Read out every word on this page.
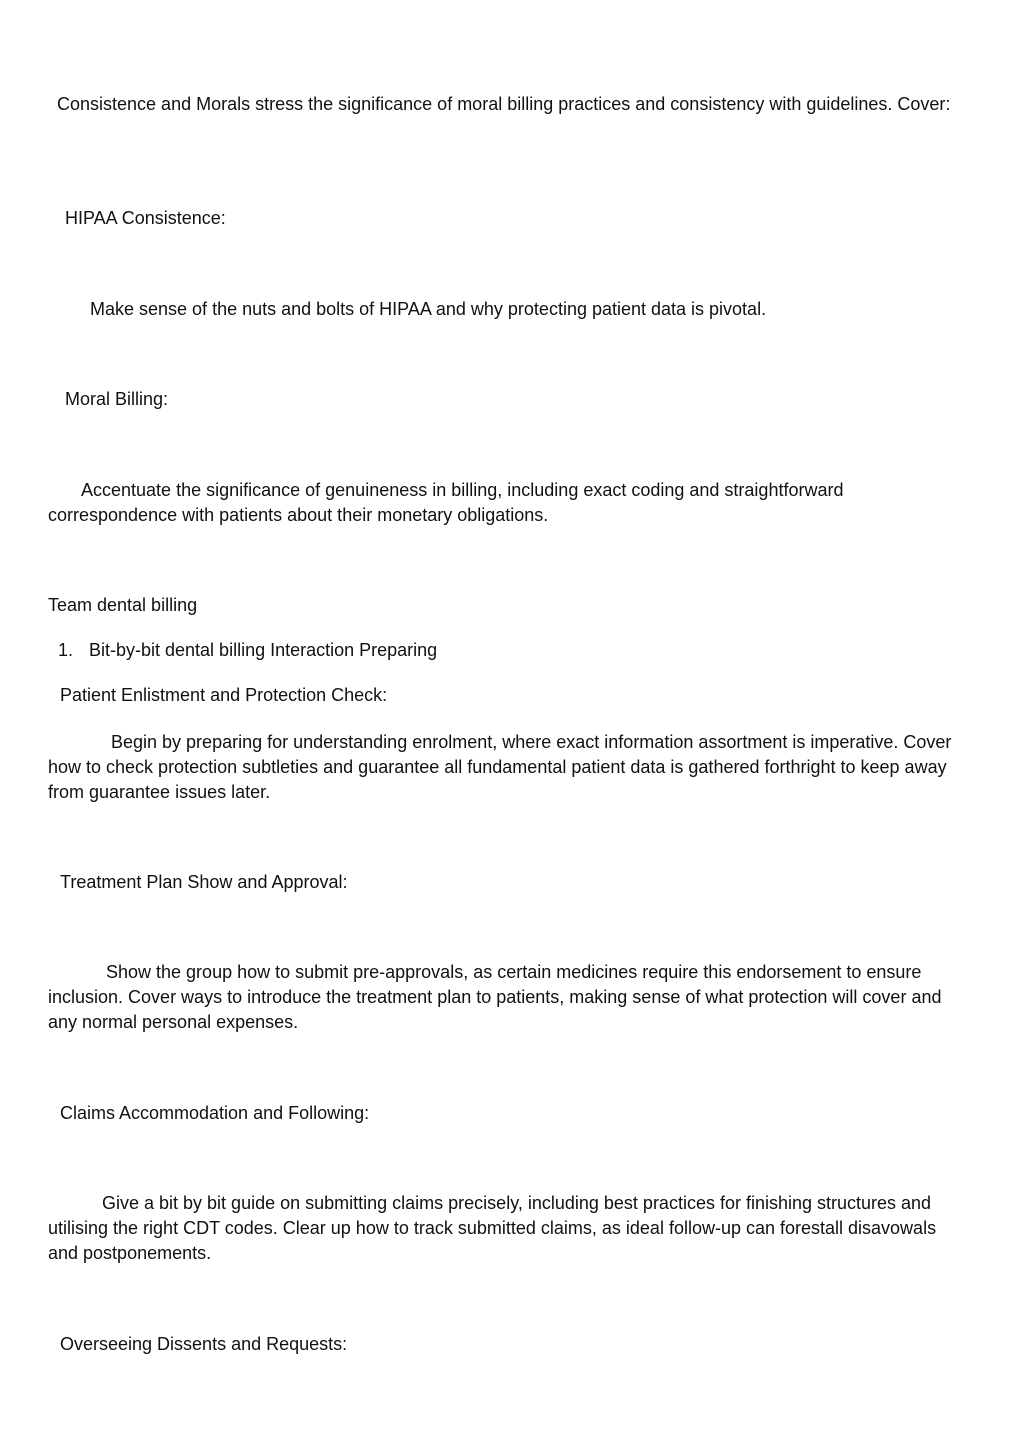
Consistence and Morals stress the significance of moral billing practices and consistency with guidelines. Cover:

HIPAA Consistence:

Make sense of the nuts and bolts of HIPAA and why protecting patient data is pivotal.

Moral Billing:

Accentuate the significance of genuineness in billing, including exact coding and straightforward correspondence with patients about their monetary obligations.

Team dental billing

1. Bit-by-bit dental billing Interaction Preparing

Patient Enlistment and Protection Check:

Begin by preparing for understanding enrolment, where exact information assortment is imperative. Cover how to check protection subtleties and guarantee all fundamental patient data is gathered forthright to keep away from guarantee issues later.

Treatment Plan Show and Approval:

Show the group how to submit pre-approvals, as certain medicines require this endorsement to ensure inclusion. Cover ways to introduce the treatment plan to patients, making sense of what protection will cover and any normal personal expenses.

Claims Accommodation and Following:

Give a bit by bit guide on submitting claims precisely, including best practices for finishing structures and utilising the right CDT codes. Clear up how to track submitted claims, as ideal follow-up can forestall disavowals and postponements.

Overseeing Dissents and Requests:
